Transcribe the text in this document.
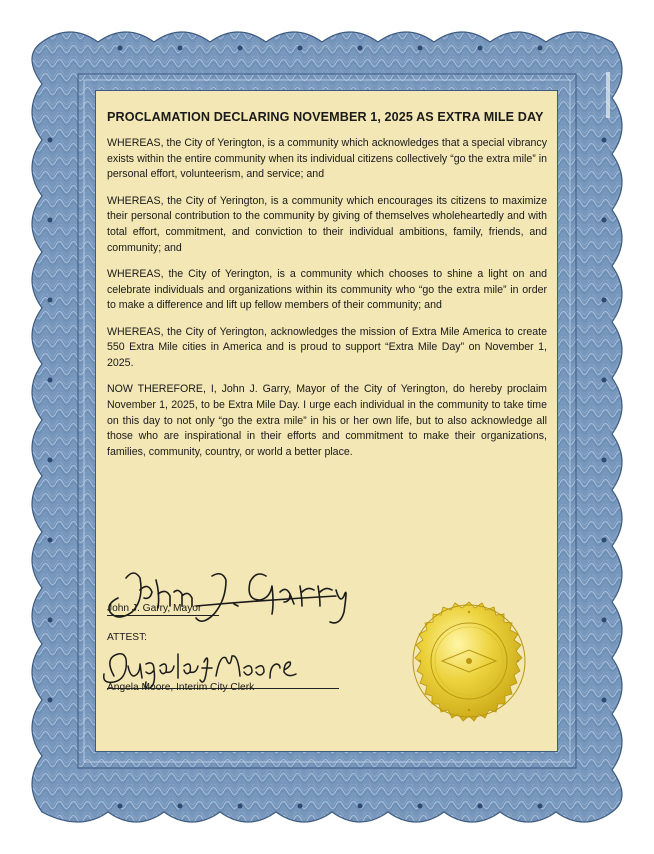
PROCLAMATION DECLARING NOVEMBER 1, 2025 AS EXTRA MILE DAY

WHEREAS, the City of Yerington, is a community which acknowledges that a special vibrancy exists within the entire community when its individual citizens collectively “go the extra mile” in personal effort, volunteerism, and service; and

WHEREAS, the City of Yerington, is a community which encourages its citizens to maximize their personal contribution to the community by giving of themselves wholeheartedly and with total effort, commitment, and conviction to their individual ambitions, family, friends, and community; and

WHEREAS, the City of Yerington, is a community which chooses to shine a light on and celebrate individuals and organizations within its community who “go the extra mile” in order to make a difference and lift up fellow members of their community; and

WHEREAS, the City of Yerington, acknowledges the mission of Extra Mile America to create 550 Extra Mile cities in America and is proud to support “Extra Mile Day” on November 1, 2025.

NOW THEREFORE, I, John J. Garry, Mayor of the City of Yerington, do hereby proclaim November 1, 2025, to be Extra Mile Day. I urge each individual in the community to take time on this day to not only “go the extra mile” in his or her own life, but to also acknowledge all those who are inspirational in their efforts and commitment to make their organizations, families, community, country, or world a better place.

John J. Garry, Mayor
ATTEST:
